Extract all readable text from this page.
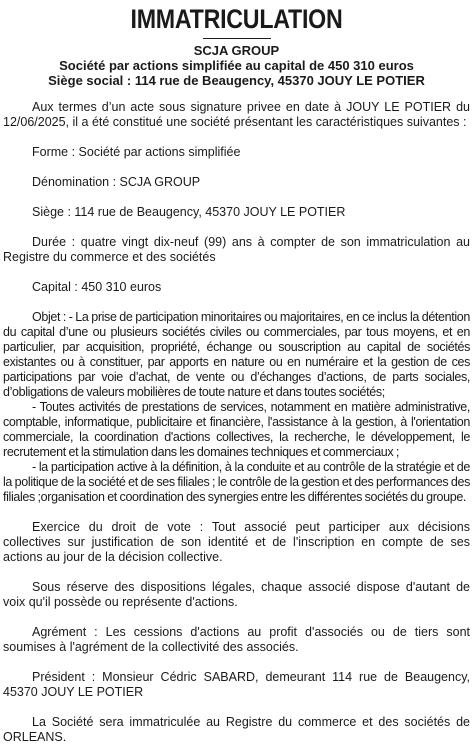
IMMATRICULATION
SCJA GROUP
Société par actions simplifiée au capital de 450 310 euros
Siège social : 114 rue de Beaugency, 45370 JOUY LE POTIER

Aux termes d’un acte sous signature privee en date à JOUY LE POTIER du 12/06/2025, il a été constitué une société présentant les caractéristiques suivantes :

Forme : Société par actions simplifiée

Dénomination : SCJA GROUP

Siège : 114 rue de Beaugency, 45370 JOUY LE POTIER

Durée : quatre vingt dix-neuf (99) ans à compter de son immatriculation au Registre du commerce et des sociétés

Capital : 450 310 euros

Objet : - La prise de participation minoritaires ou majoritaires, en ce inclus la détention du capital d’une ou plusieurs sociétés civiles ou commerciales, par tous moyens, et en particulier, par acquisition, propriété, échange ou souscription au capital de sociétés existantes ou à constituer, par apports en nature ou en numéraire et la gestion de ces participations par voie d’achat, de vente ou d’échanges d’actions, de parts sociales, d’obligations de valeurs mobilières de toute nature et dans toutes sociétés;

- Toutes activités de prestations de services, notamment en matière administrative, comptable, informatique, publicitaire et financière, l'assistance à la gestion, à l'orientation commerciale, la coordination d'actions collectives, la recherche, le développement, le recrutement et la stimulation dans les domaines techniques et commerciaux ;

- la participation active à la définition, à la conduite et au contrôle de la stratégie et de la politique de la société et de ses filiales ; le contrôle de la gestion et des performances des filiales ;organisation et coordination des synergies entre les différentes sociétés du groupe.

Exercice du droit de vote : Tout associé peut participer aux décisions collectives sur justification de son identité et de l'inscription en compte de ses actions au jour de la décision collective.

Sous réserve des dispositions légales, chaque associé dispose d'autant de voix qu'il possède ou représente d'actions.

Agrément : Les cessions d'actions au profit d'associés ou de tiers sont soumises à l'agrément de la collectivité des associés.

Président : Monsieur Cédric SABARD, demeurant 114 rue de Beaugency, 45370 JOUY LE POTIER

La Société sera immatriculée au Registre du commerce et des sociétés de ORLEANS.
